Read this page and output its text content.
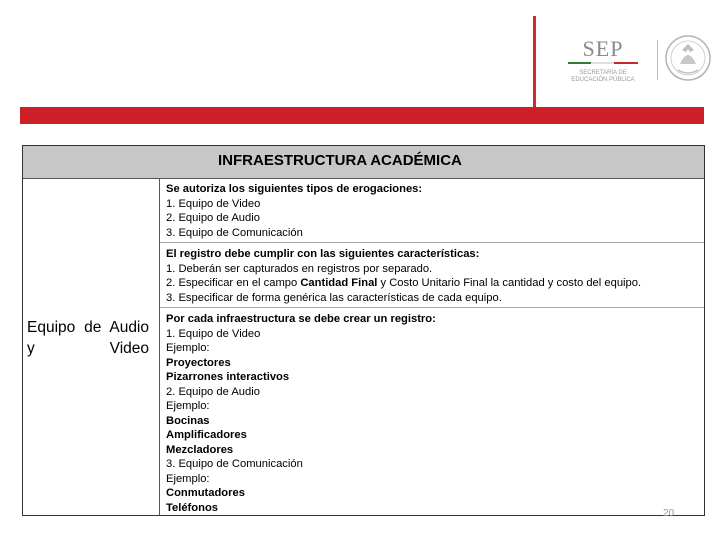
SEP
SECRETARÍA DE
EDUCACIÓN PÚBLICA
INFRAESTRUCTURA ACADÉMICA
Equipo de Audio y Video
Se autoriza los siguientes tipos de erogaciones:
1. Equipo de Video
2. Equipo de Audio
3. Equipo de Comunicación
El registro debe cumplir con las siguientes características:
1. Deberán ser capturados en registros por separado.
2. Especificar en el campo Cantidad Final y Costo Unitario Final la cantidad y costo del equipo.
3. Especificar de forma genérica las características de cada equipo.
Por cada infraestructura se debe crear un registro:
1. Equipo de Video
Ejemplo:
Proyectores
Pizarrones interactivos
2. Equipo de Audio
Ejemplo:
Bocinas
Amplificadores
Mezcladores
3. Equipo de Comunicación
Ejemplo:
Conmutadores
Teléfonos	20
